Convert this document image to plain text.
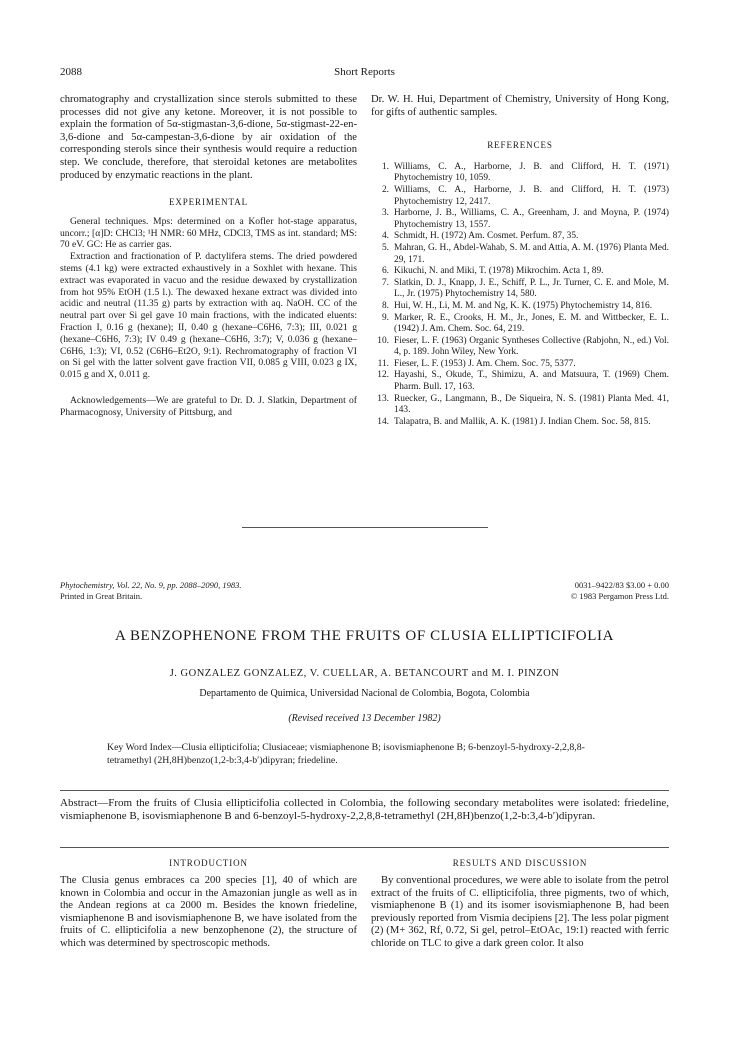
2088	Short Reports

chromatography and crystallization since sterols submitted to these processes did not give any ketone. Moreover, it is not possible to explain the formation of 5α-stigmastan-3,6-dione, 5α-stigmast-22-en-3,6-dione and 5α-campestan-3,6-dione by air oxidation of the corresponding sterols since their synthesis would require a reduction step. We conclude, therefore, that steroidal ketones are metabolites produced by enzymatic reactions in the plant.

EXPERIMENTAL

General techniques. Mps: determined on a Kofler hot-stage apparatus, uncorr.; [α]D: CHCl3; ¹H NMR: 60 MHz, CDCl3, TMS as int. standard; MS: 70 eV. GC: He as carrier gas.

Extraction and fractionation of P. dactylifera stems. The dried powdered stems (4.1 kg) were extracted exhaustively in a Soxhlet with hexane. This extract was evaporated in vacuo and the residue dewaxed by crystallization from hot 95% EtOH (1.5 l.). The dewaxed hexane extract was divided into acidic and neutral (11.35 g) parts by extraction with aq. NaOH. CC of the neutral part over Si gel gave 10 main fractions, with the indicated eluents: Fraction I, 0.16 g (hexane); II, 0.40 g (hexane–C6H6, 7:3); III, 0.021 g (hexane–C6H6, 7:3); IV 0.49 g (hexane–C6H6, 3:7); V, 0.036 g (hexane–C6H6, 1:3); VI, 0.52 (C6H6–Et2O, 9:1). Rechromatography of fraction VI on Si gel with the latter solvent gave fraction VII, 0.085 g VIII, 0.023 g IX, 0.015 g and X, 0.011 g.

Acknowledgements—We are grateful to Dr. D. J. Slatkin, Department of Pharmacognosy, University of Pittsburg, and

Dr. W. H. Hui, Department of Chemistry, University of Hong Kong, for gifts of authentic samples.

REFERENCES
1. Williams, C. A., Harborne, J. B. and Clifford, H. T. (1971) Phytochemistry 10, 1059.
2. Williams, C. A., Harborne, J. B. and Clifford, H. T. (1973) Phytochemistry 12, 2417.
3. Harborne, J. B., Williams, C. A., Greenham, J. and Moyna, P. (1974) Phytochemistry 13, 1557.
4. Schmidt, H. (1972) Am. Cosmet. Perfum. 87, 35.
5. Mahran, G. H., Abdel-Wahab, S. M. and Attia, A. M. (1976) Planta Med. 29, 171.
6. Kikuchi, N. and Miki, T. (1978) Mikrochim. Acta 1, 89.
7. Slatkin, D. J., Knapp, J. E., Schiff, P. L., Jr. Turner, C. E. and Mole, M. L., Jr. (1975) Phytochemistry 14, 580.
8. Hui, W. H., Li, M. M. and Ng, K. K. (1975) Phytochemistry 14, 816.
9. Marker, R. E., Crooks, H. M., Jr., Jones, E. M. and Wittbecker, E. L. (1942) J. Am. Chem. Soc. 64, 219.
10. Fieser, L. F. (1963) Organic Syntheses Collective (Rabjohn, N., ed.) Vol. 4, p. 189. John Wiley, New York.
11. Fieser, L. F. (1953) J. Am. Chem. Soc. 75, 5377.
12. Hayashi, S., Okude, T., Shimizu, A. and Matsuura, T. (1969) Chem. Pharm. Bull. 17, 163.
13. Ruecker, G., Langmann, B., De Siqueira, N. S. (1981) Planta Med. 41, 143.
14. Talapatra, B. and Mallik, A. K. (1981) J. Indian Chem. Soc. 58, 815.
Phytochemistry, Vol. 22, No. 9, pp. 2088–2090, 1983.
Printed in Great Britain.
0031–9422/83 $3.00 + 0.00
© 1983 Pergamon Press Ltd.
A BENZOPHENONE FROM THE FRUITS OF CLUSIA ELLIPTICIFOLIA
J. GONZALEZ GONZALEZ, V. CUELLAR, A. BETANCOURT and M. I. PINZON
Departamento de Quimica, Universidad Nacional de Colombia, Bogota, Colombia
(Revised received 13 December 1982)
Key Word Index—Clusia ellipticifolia; Clusiaceae; vismiaphenone B; isovismiaphenone B; 6-benzoyl-5-hydroxy-2,2,8,8-tetramethyl (2H,8H)benzo(1,2-b:3,4-b′)dipyran; friedeline.
Abstract—From the fruits of Clusia ellipticifolia collected in Colombia, the following secondary metabolites were isolated: friedeline, vismiaphenone B, isovismiaphenone B and 6-benzoyl-5-hydroxy-2,2,8,8-tetramethyl (2H,8H)benzo(1,2-b:3,4-b′)dipyran.
INTRODUCTION
The Clusia genus embraces ca 200 species [1], 40 of which are known in Colombia and occur in the Amazonian jungle as well as in the Andean regions at ca 2000 m. Besides the known friedeline, vismiaphenone B and isovismiaphenone B, we have isolated from the fruits of C. ellipticifolia a new benzophenone (2), the structure of which was determined by spectroscopic methods.
RESULTS AND DISCUSSION
By conventional procedures, we were able to isolate from the petrol extract of the fruits of C. ellipticifolia, three pigments, two of which, vismiaphenone B (1) and its isomer isovismiaphenone B, had been previously reported from Vismia decipiens [2]. The less polar pigment (2) (M+ 362, Rf, 0.72, Si gel, petrol–EtOAc, 19:1) reacted with ferric chloride on TLC to give a dark green color. It also
